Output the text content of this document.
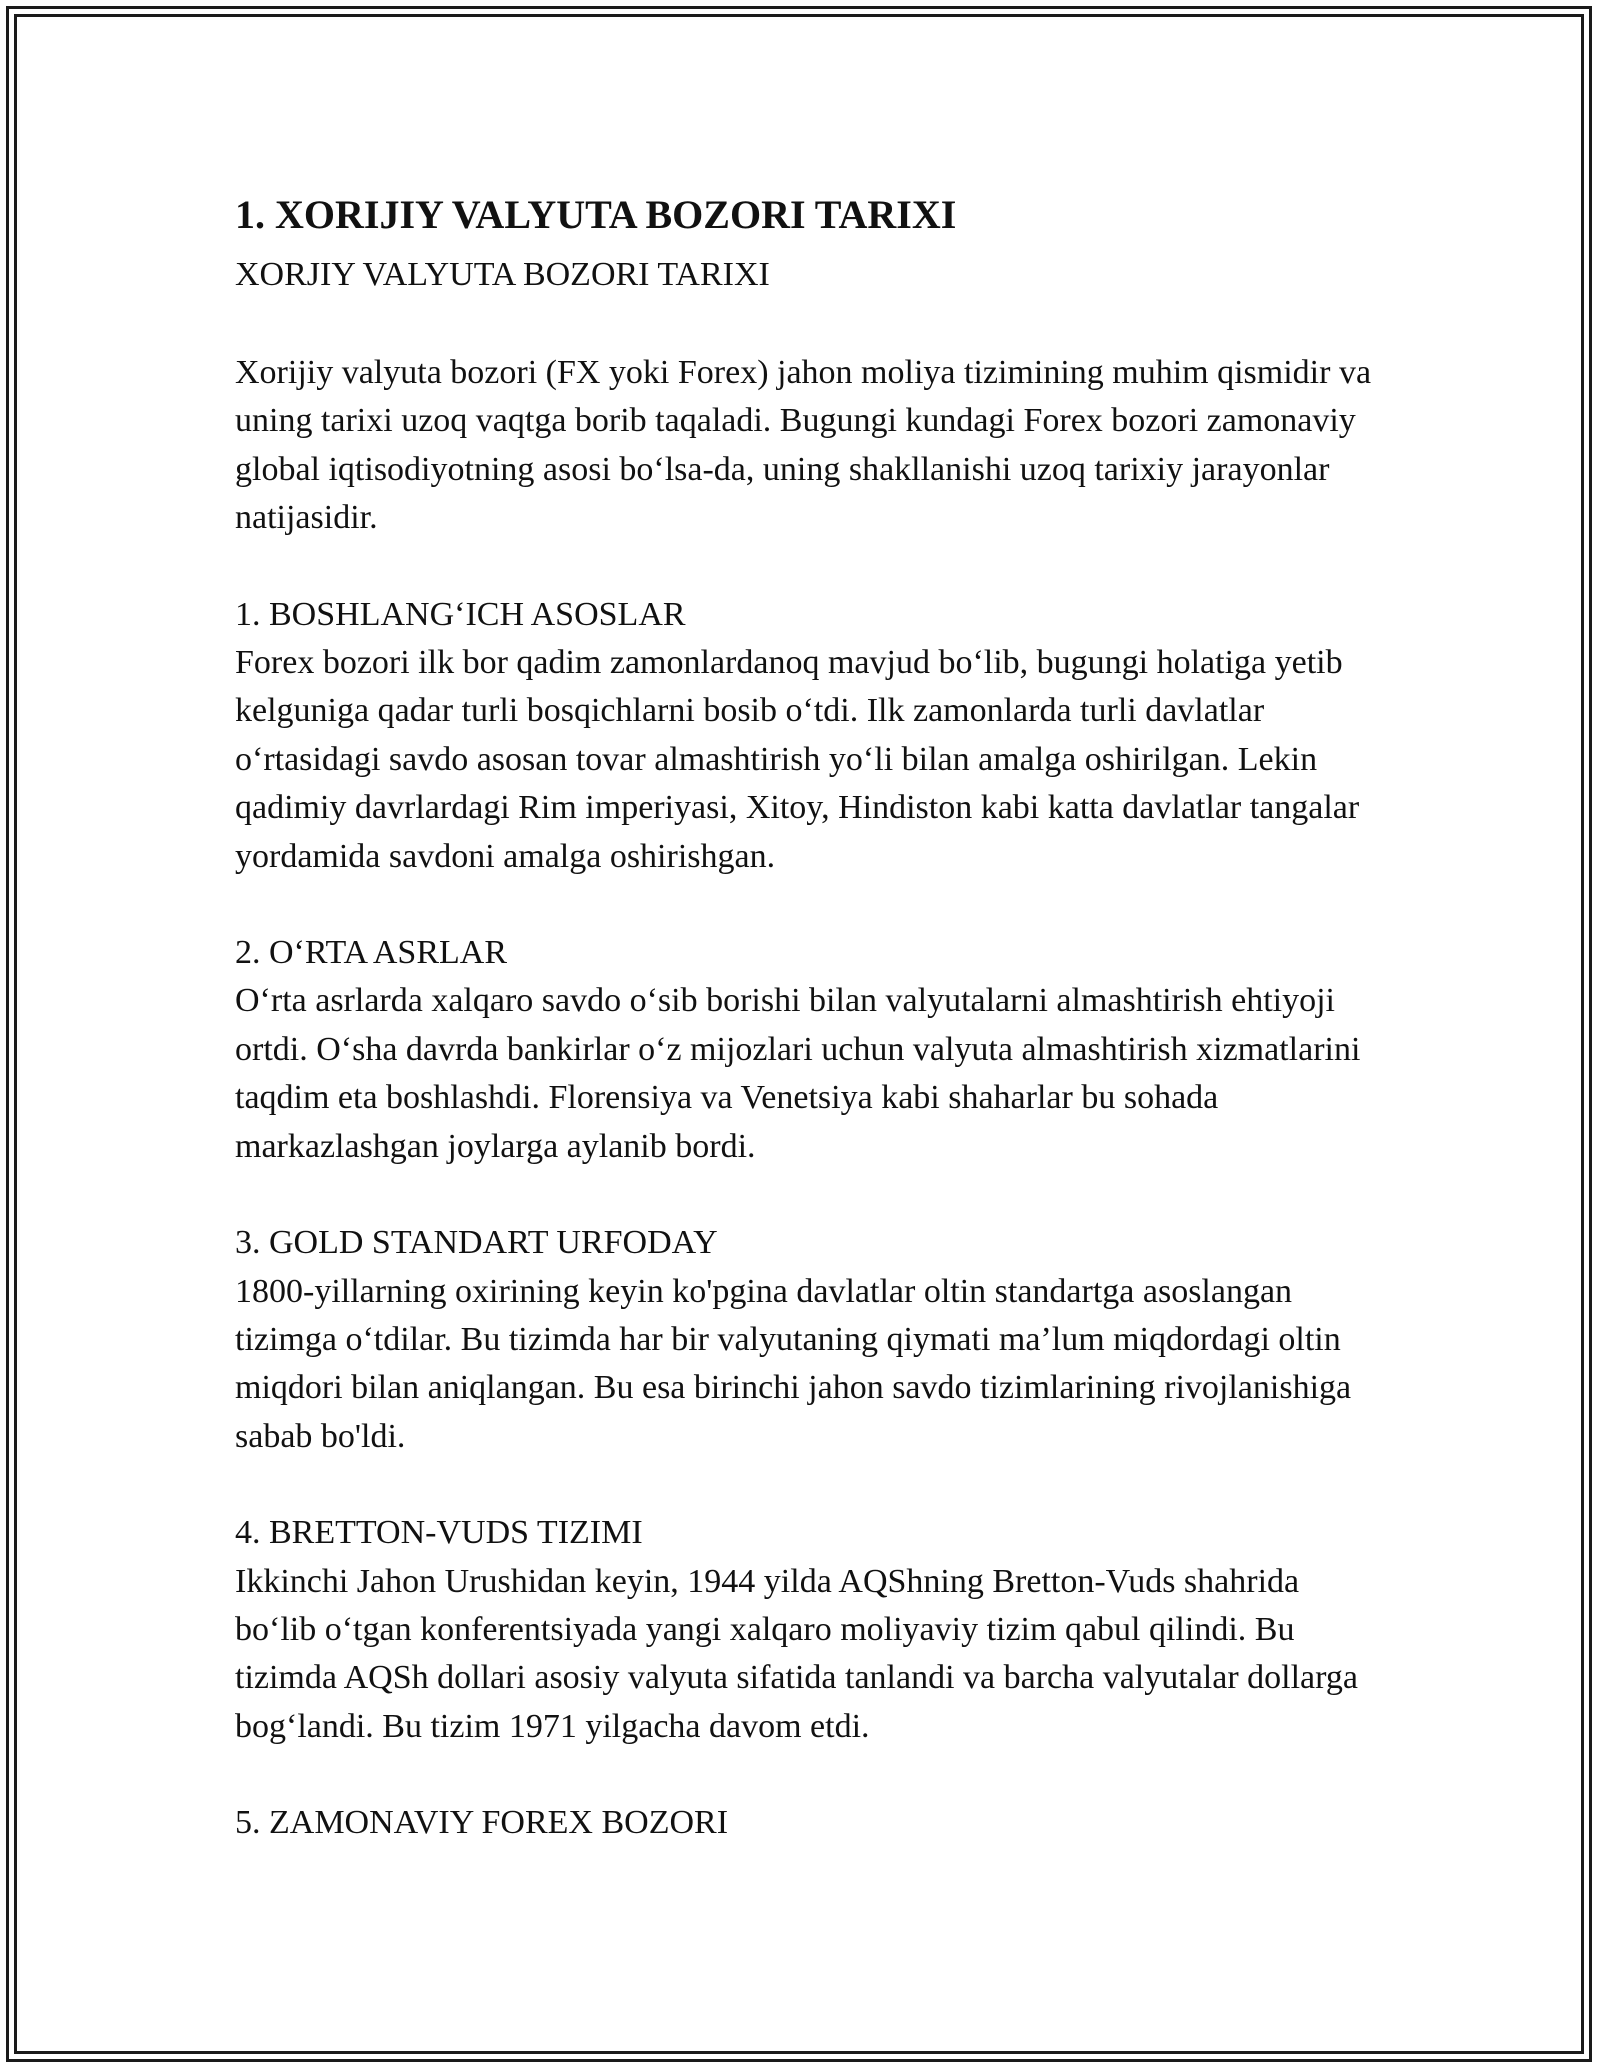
1. XORIJIY VALYUTA BOZORI TARIXI

XORJIY VALYUTA BOZORI TARIXI

Xorijiy valyuta bozori (FX yoki Forex) jahon moliya tizimining muhim qismidir va uning tarixi uzoq vaqtga borib taqaladi. Bugungi kundagi Forex bozori zamonaviy global iqtisodiyotning asosi bo‘lsa-da, uning shakllanishi uzoq tarixiy jarayonlar natijasidir.

1. BOSHLANG‘ICH ASOSLAR

Forex bozori ilk bor qadim zamonlardanoq mavjud bo‘lib, bugungi holatiga yetib kelguniga qadar turli bosqichlarni bosib o‘tdi. Ilk zamonlarda turli davlatlar o‘rtasidagi savdo asosan tovar almashtirish yo‘li bilan amalga oshirilgan. Lekin qadimiy davrlardagi Rim imperiyasi, Xitoy, Hindiston kabi katta davlatlar tangalar yordamida savdoni amalga oshirishgan.

2. O‘RTA ASRLAR

O‘rta asrlarda xalqaro savdo o‘sib borishi bilan valyutalarni almashtirish ehtiyoji ortdi. O‘sha davrda bankirlar o‘z mijozlari uchun valyuta almashtirish xizmatlarini taqdim eta boshlashdi. Florensiya va Venetsiya kabi shaharlar bu sohada markazlashgan joylarga aylanib bordi.

3. GOLD STANDART URFODAY

1800-yillarning oxirining keyin ko'pgina davlatlar oltin standartga asoslangan tizimga o‘tdilar. Bu tizimda har bir valyutaning qiymati ma’lum miqdordagi oltin miqdori bilan aniqlangan. Bu esa birinchi jahon savdo tizimlarining rivojlanishiga sabab bo'ldi.

4. BRETTON-VUDS TIZIMI

Ikkinchi Jahon Urushidan keyin, 1944 yilda AQShning Bretton-Vuds shahrida bo‘lib o‘tgan konferentsiyada yangi xalqaro moliyaviy tizim qabul qilindi. Bu tizimda AQSh dollari asosiy valyuta sifatida tanlandi va barcha valyutalar dollarga bog‘landi. Bu tizim 1971 yilgacha davom etdi.

5. ZAMONAVIY FOREX BOZORI
